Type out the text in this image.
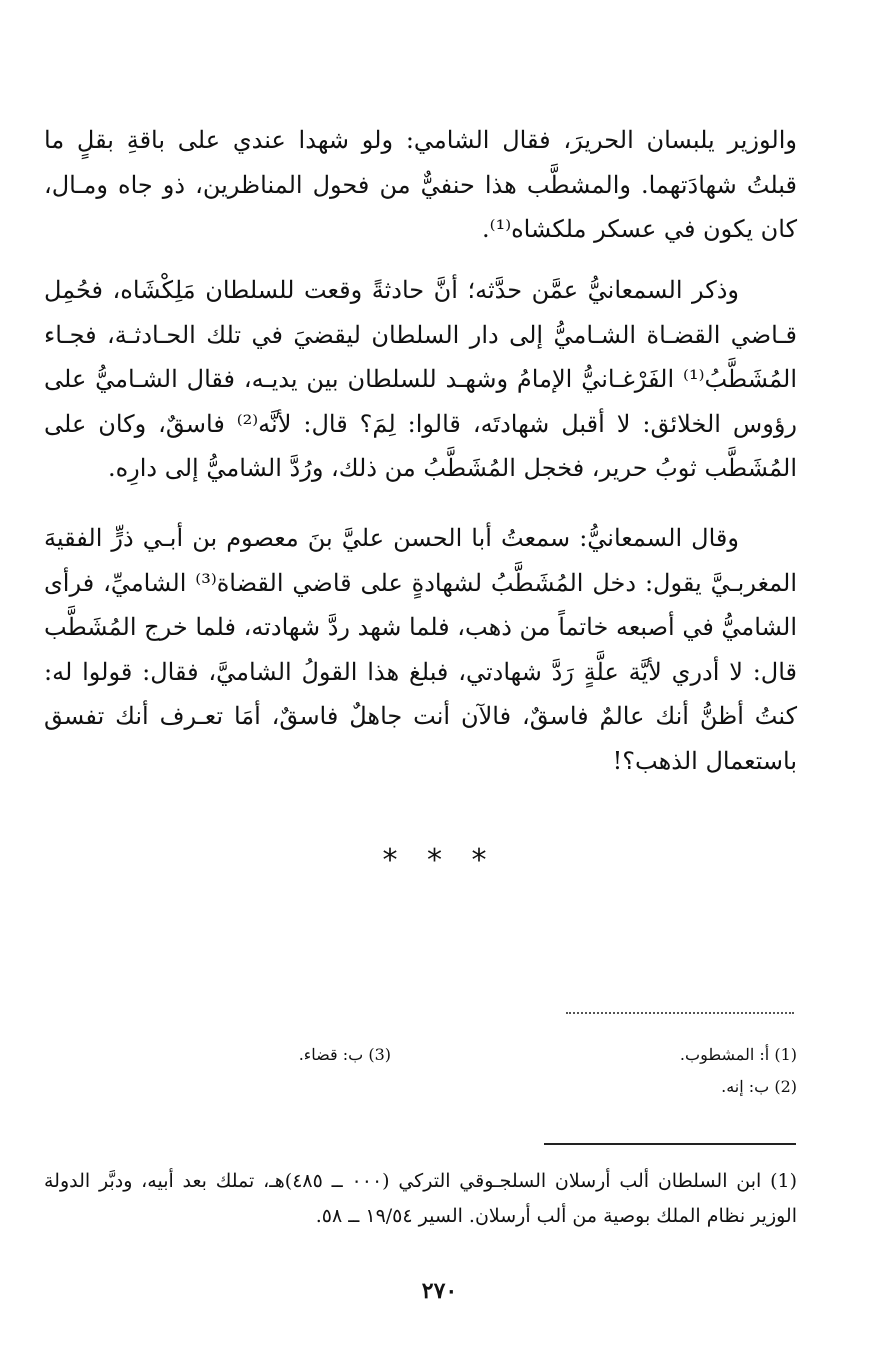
والوزير يلبسان الحريرَ، فقال الشامي: ولو شهدا عندي على باقةِ بقلٍ ما قبلتُ شهادَتهما. والمشطَّب هذا حنفيٌّ من فحول المناظرين، ذو جاه ومـال، كان يكون في عسكر ملكشاه⁽¹⁾.

وذكر السمعانيُّ عمَّن حدَّثه؛ أنَّ حادثةً وقعت للسلطان مَلِكْشَاه، فحُمِل قـاضي القضـاة الشـاميُّ إلى دار السلطان ليقضيَ في تلك الحـادثـة، فجـاء المُشَطَّبُ⁽¹⁾ الفَرْغـانيُّ الإمامُ وشهـد للسلطان بين يديـه، فقال الشـاميُّ على رؤوس الخلائق: لا أقبل شهادتَه، قالوا: لِمَ؟ قال: لأنَّه⁽²⁾ فاسقٌ، وكان على المُشَطَّب ثوبُ حرير، فخجل المُشَطَّبُ من ذلك، ورُدَّ الشاميُّ إلى دارِه.

وقال السمعانيُّ: سمعتُ أبا الحسن عليَّ بنَ معصوم بن أبـي ذرٍّ الفقيهَ المغربـيَّ يقول: دخل المُشَطَّبُ لشهادةٍ على قاضي القضاة⁽³⁾ الشاميِّ، فرأى الشاميُّ في أصبعه خاتماً من ذهب، فلما شهد ردَّ شهادته، فلما خرج المُشَطَّب قال: لا أدري لأيَّة علَّةٍ رَدَّ شهادتي، فبلغ هذا القولُ الشاميَّ، فقال: قولوا له: كنتُ أظنُّ أنك عالمٌ فاسقٌ، فالآن أنت جاهلٌ فاسقٌ، أمَا تعـرف أنك تفسق باستعمال الذهب؟!

* * *
(1) أ: المشطوب.
(2) ب: إنه.
(3) ب: قضاء.

(1) ابن السلطان ألب أرسلان السلجـوقي التركي (٠٠٠ ــ ٤٨٥)هـ، تملك بعد أبيه، ودبَّر الدولة الوزير نظام الملك بوصية من ألب أرسلان. السير ١٩/٥٤ ــ ٥٨.

٢٧٠
